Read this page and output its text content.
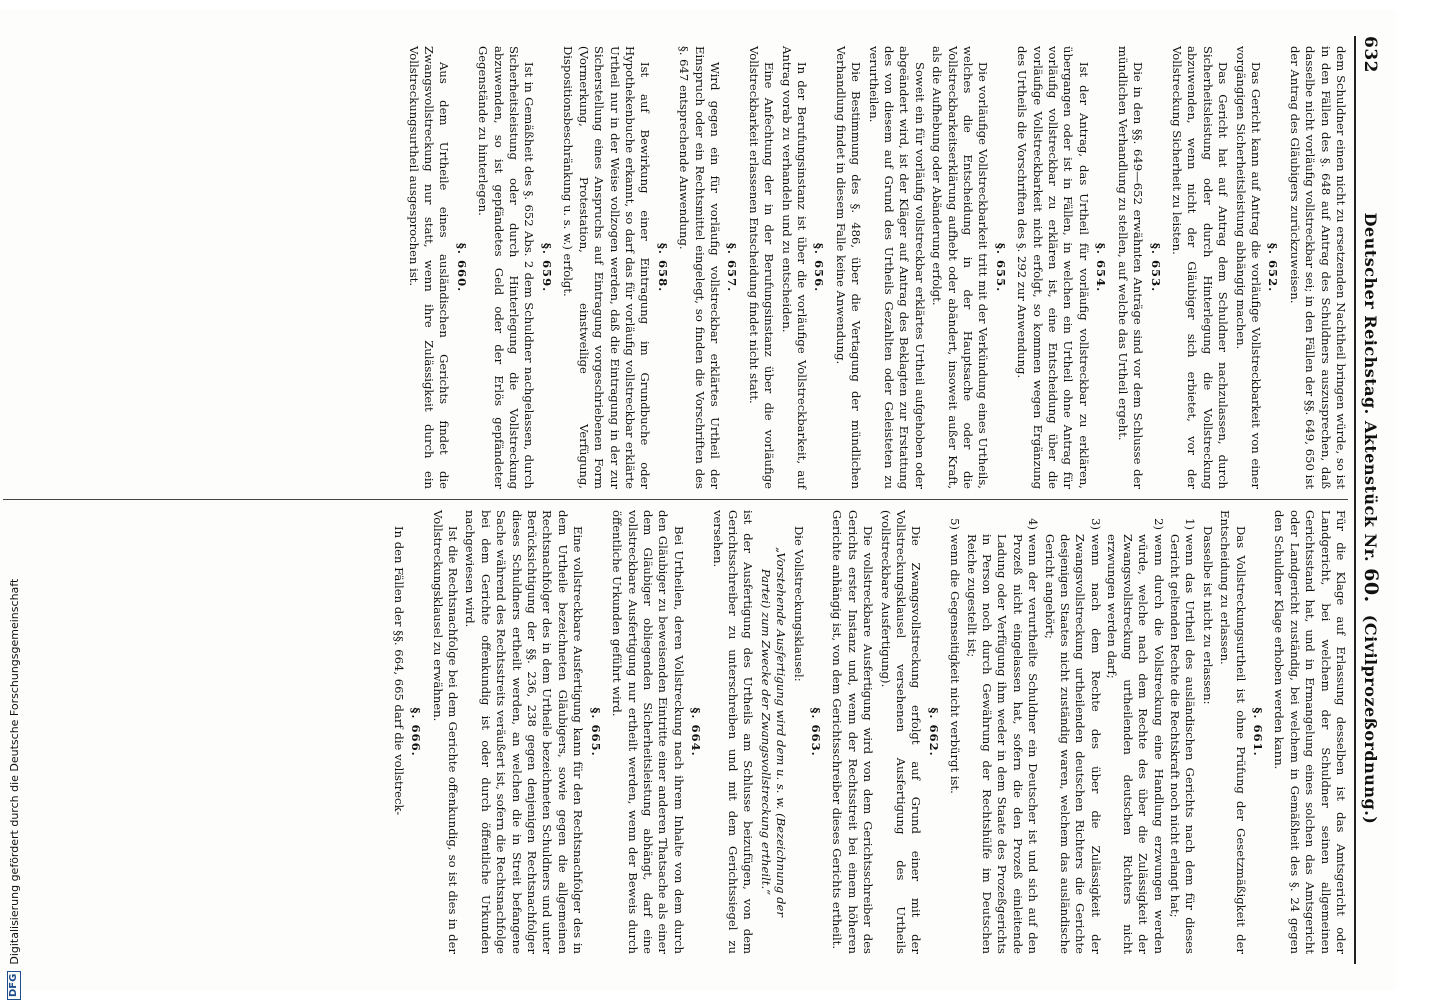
632
Deutscher Reichstag. Aktenstück Nr.60. (Civilprozeßordnung.)

dem Schuldner einen nicht zu ersetzenden Nachtheil bringen würde, so ist in den Fällen des §. 648 auf Antrag des Schuldners auszusprechen, daß dasselbe nicht vorläufig vollstreckbar sei; in den Fällen der §§. 649, 650 ist der Antrag des Gläubigers zurückzuweisen.

§. 652.

Das Gericht kann auf Antrag die vorläufige Vollstreckbarkeit von einer vorgängigen Sicherheitsleistung abhängig machen.

Das Gericht hat auf Antrag dem Schuldner nachzulassen, durch Sicherheitsleistung oder durch Hinterlegung die Vollstreckung abzuwenden, wenn nicht der Gläubiger sich erbietet, vor der Vollstreckung Sicherheit zu leisten.

§. 653.

Die in den §§. 649—652 erwähnten Anträge sind vor dem Schlusse der mündlichen Verhandlung zu stellen, auf welche das Urtheil ergeht.

§. 654.

Ist der Antrag, das Urtheil für vorläufig vollstreckbar zu erklären, übergangen oder ist in Fällen, in welchen ein Urtheil ohne Antrag für vorläufig vollstreckbar zu erklären ist, eine Entscheidung über die vorläufige Vollstreckbarkeit nicht erfolgt, so kommen wegen Ergänzung des Urtheils die Vorschriften des §. 292 zur Anwendung.

§. 655.

Die vorläufige Vollstreckbarkeit tritt mit der Verkündung eines Urtheils, welches die Entscheidung in der Hauptsache oder die Vollstreckbarkeitserklärung aufhebt oder abändert, insoweit außer Kraft, als die Aufhebung oder Abänderung erfolgt.

Soweit ein für vorläufig vollstreckbar erklärtes Urtheil aufgehoben oder abgeändert wird, ist der Kläger auf Antrag des Beklagten zur Erstattung des von diesem auf Grund des Urtheils Gezahlten oder Geleisteten zu verurtheilen.

Die Bestimmung des §. 486, über die Vertagung der mündlichen Verhandlung findet in diesem Falle keine Anwendung.

§. 656.

In der Berufungsinstanz ist über die vorläufige Vollstreckbarkeit, auf Antrag vorab zu verhandeln und zu entscheiden.

Eine Anfechtung der in der Berufungsinstanz über die vorläufige Vollstreckbarkeit erlassenen Entscheidung findet nicht statt.

§. 657.

Wird gegen ein für vorläufig vollstreckbar erklärtes Urtheil der Einspruch oder ein Rechtsmittel eingelegt, so finden die Vorschriften des §. 647 entsprechende Anwendung.

§. 658.

Ist auf Bewirkung einer Eintragung im Grundbuche oder Hypothekenbuche erkannt, so darf das für vorläufig vollstreckbar erklärte Urtheil nur in der Weise vollzogen werden, daß die Eintragung in der zur Sicherstellung eines Anspruchs auf Eintragung vorgeschriebenen Form (Vormerkung, Protestation, einstweilige Verfügung, Dispositionsbeschränkung u. s. w.) erfolgt.

§. 659.

Ist in Gemäßheit des §. 652 Abs. 2 dem Schuldner nachgelassen, durch Sicherheitsleistung oder durch Hinterlegung die Vollstreckung abzuwenden, so ist gepfändetes Geld oder der Erlös gepfändeter Gegenstände zu hinterlegen.

§. 660.

Aus dem Urtheile eines ausländischen Gerichts findet die Zwangsvollstreckung nur statt, wenn ihre Zulässigkeit durch ein Vollstreckungsurtheil ausgesprochen ist.

Für die Klage auf Erlassung desselben ist das Amtsgericht oder Landgericht, bei welchem der Schuldner seinen allgemeinen Gerichtsstand hat, und in Ermangelung eines solchen das Amtsgericht oder Landgericht zuständig, bei welchem in Gemäßheit des §. 24 gegen den Schuldner Klage erhoben werden kann.

§. 661.

Das Vollstreckungsurtheil ist ohne Prüfung der Gesetzmäßigkeit der Entscheidung zu erlassen.

Dasselbe ist nicht zu erlassen:

1)
wenn das Urtheil des ausländischen Gerichts nach dem für dieses Gericht geltenden Rechte die Rechtskraft noch nicht erlangt hat;
2)
wenn durch die Vollstreckung eine Handlung erzwungen werden würde, welche nach dem Rechte des über die Zulässigkeit der Zwangsvollstreckung urtheilenden deutschen Richters nicht erzwungen werden darf;
3)
wenn nach dem Rechte des über die Zulässigkeit der Zwangsvollstreckung urtheilenden deutschen Richters die Gerichte desjenigen Staates nicht zuständig waren, welchem das ausländische Gericht angehört;
4)
wenn der verurtheilte Schuldner ein Deutscher ist und sich auf den Prozeß nicht eingelassen hat, sofern die den Prozeß einleitende Ladung oder Verfügung ihm weder in dem Staate des Prozeßgerichts in Person noch durch Gewährung der Rechtshülfe im Deutschen Reiche zugestellt ist;
5)
wenn die Gegenseitigkeit nicht verbürgt ist.
§. 662.

Die Zwangsvollstreckung erfolgt auf Grund einer mit der Vollstreckungsklausel versehenen Ausfertigung des Urtheils (vollstreckbare Ausfertigung).

Die vollstreckbare Ausfertigung wird von dem Gerichtsschreiber des Gerichts erster Instanz und, wenn der Rechtsstreit bei einem höheren Gerichte anhängig ist, von dem Gerichtsschreiber dieses Gerichts ertheilt.

§. 663.

Die Vollstreckungsklausel:

„Vorstehende Ausfertigung wird dem u. s. w. (Bezeichnung der Partei) zum Zwecke der Zwangsvollstreckung ertheilt.“

ist der Ausfertigung des Urtheils am Schlusse beizufügen, von dem Gerichtsschreiber zu unterschreiben und mit dem Gerichtssiegel zu versehen.

§. 664.

Bei Urtheilen, deren Vollstreckung nach ihrem Inhalte von dem durch den Gläubiger zu beweisenden Eintritte einer anderen Thatsache als einer dem Gläubiger obliegenden Sicherheitsleistung abhängt, darf eine vollstreckbare Ausfertigung nur ertheilt werden, wenn der Beweis durch öffentliche Urkunden geführt wird.

§. 665.

Eine vollstreckbare Ausfertigung kann für den Rechtsnachfolger des in dem Urtheile bezeichneten Gläubigers, sowie gegen die allgemeinen Rechtsnachfolger des in dem Urtheile bezeichneten Schuldners und unter Berücksichtigung der §§. 236, 238 gegen denjenigen Rechtsnachfolger dieses Schuldners ertheilt werden, an welchen die in Streit befangene Sache während des Rechtsstreits veräußert ist, sofern die Rechtsnachfolge bei dem Gerichte offenkundig ist oder durch öffentliche Urkunden nachgewiesen wird.

Ist die Rechtsnachfolge bei dem Gerichte offenkundig, so ist dies in der Vollstreckungsklausel zu erwähnen.

§. 666.

In den Fällen der §§. 664, 665 darf die vollstreck-

DFG
Digitalisierung gefördert durch die Deutsche Forschungsgemeinschaft
